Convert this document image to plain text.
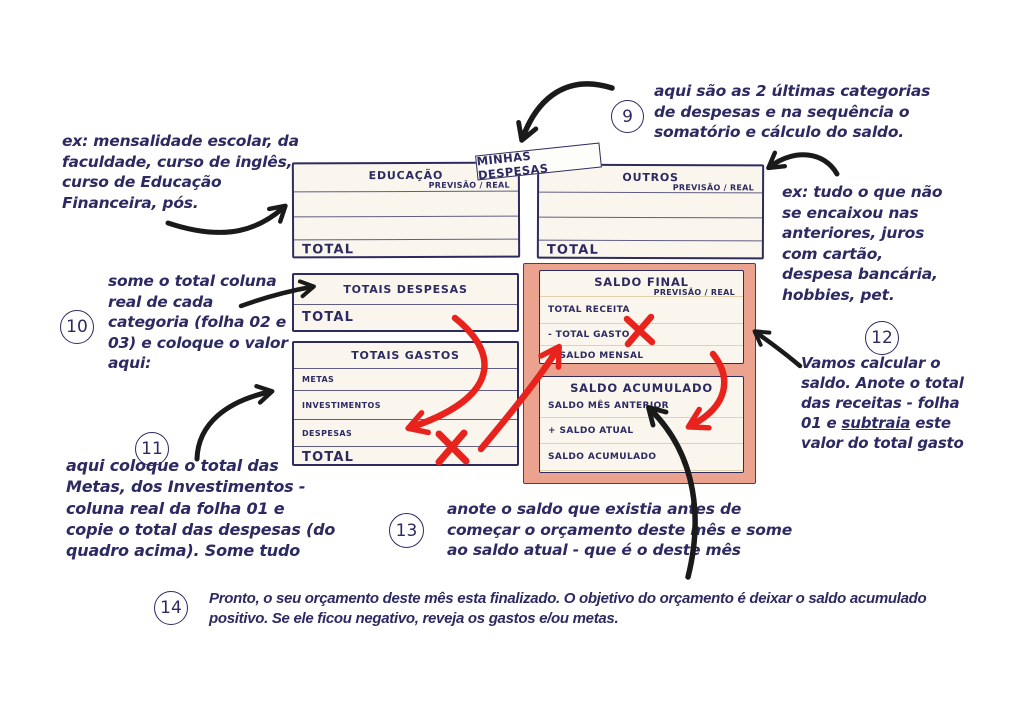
MINHAS DESPESAS
EDUCAÇÃO
PREVISÃO / REAL
TOTAL
OUTROS
PREVISÃO / REAL
TOTAL
TOTAIS DESPESAS
TOTAL
TOTAIS GASTOS
METAS
INVESTIMENTOS
DESPESAS
TOTAL
SALDO FINAL
PREVISÃO / REAL
TOTAL RECEITA
- TOTAL GASTO
= SALDO MENSAL
SALDO ACUMULADO
SALDO MÊS ANTERIOR
+ SALDO ATUAL
SALDO ACUMULADO
ex: mensalidade escolar, da faculdade, curso de inglês, curso de Educação Financeira, pós.
9
aqui são as 2 últimas categorias de despesas e na sequência o somatório e cálculo do saldo.
ex: tudo o que não se encaixou nas anteriores, juros com cartão, despesa bancária, hobbies, pet.
10
some o total coluna real de cada categoria (folha 02 e 03) e coloque o valor aqui:
11
aqui coloque o total das Metas, dos Investimentos - coluna real da folha 01 e copie o total das despesas (do quadro acima). Some tudo
12
Vamos calcular o saldo. Anote o total das receitas - folha 01 e subtraia este valor do total gasto
13
anote o saldo que existia antes de começar o orçamento deste mês e some ao saldo atual - que é o deste mês
14 Pronto, o seu orçamento deste mês esta finalizado. O objetivo do orçamento é deixar o saldo acumulado positivo. Se ele ficou negativo, reveja os gastos e/ou metas.
